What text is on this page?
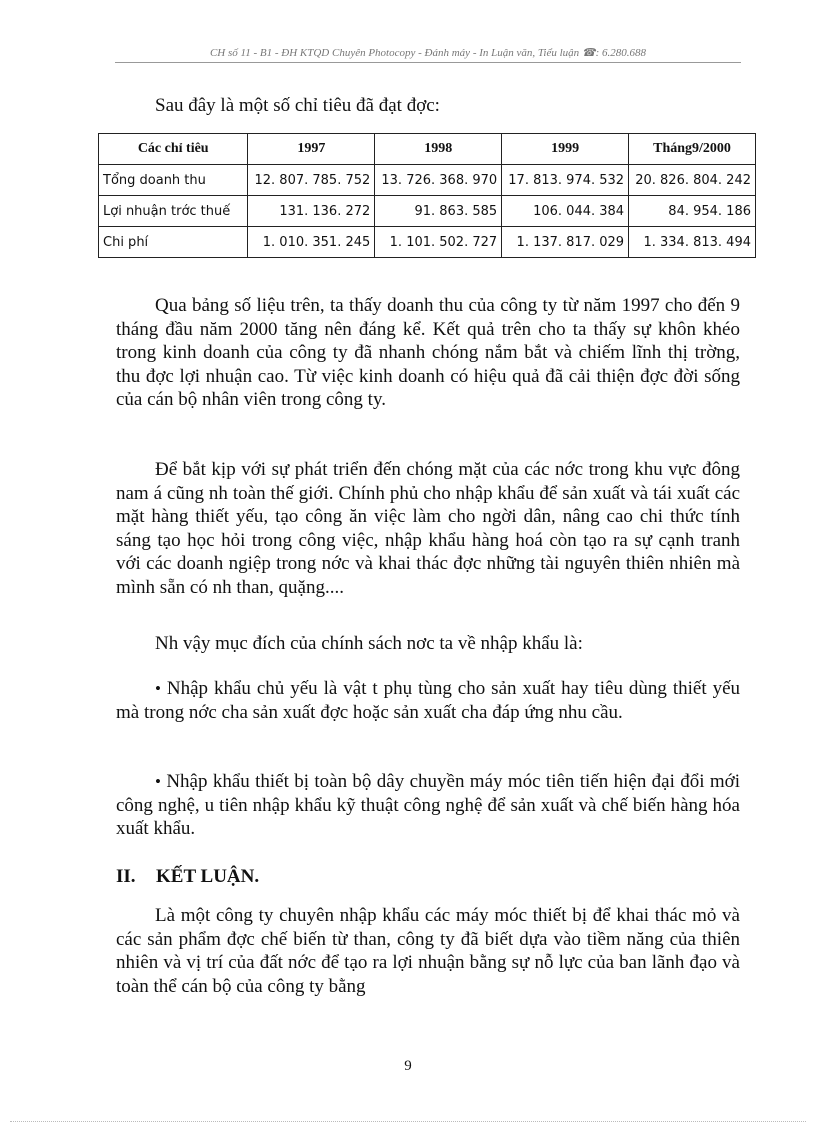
CH số 11 - B1 - ĐH KTQD Chuyên Photocopy - Đánh máy - In Luận văn, Tiểu luận ☎: 6.280.688
Sau đây là một số chỉ tiêu đã đạt đợc:
Các chỉ tiêu	1997	1998	1999	Tháng9/2000
Tổng doanh thu	12. 807. 785. 752	13. 726. 368. 970	17. 813. 974. 532	20. 826. 804. 242
Lợi nhuận trớc thuế	131. 136. 272	91. 863. 585	106. 044. 384	84. 954. 186
Chi phí	1. 010. 351. 245	1. 101. 502. 727	1. 137. 817. 029	1. 334. 813. 494

Qua bảng số liệu trên, ta thấy doanh thu của công ty từ năm 1997 cho đến 9 tháng đầu năm 2000 tăng nên đáng kể. Kết quả trên cho ta thấy sự khôn khéo trong kinh doanh của công ty đã nhanh chóng nắm bắt và chiếm lĩnh thị trờng, thu đợc lợi nhuận cao. Từ việc kinh doanh có hiệu quả đã cải thiện đợc đời sống của cán bộ nhân viên trong công ty.

Để bắt kịp với sự phát triển đến chóng mặt của các nớc trong khu vực đông nam á cũng nh toàn thế giới. Chính phủ cho nhập khẩu để sản xuất và tái xuất các mặt hàng thiết yếu, tạo công ăn việc làm cho ngời dân, nâng cao chi thức tính sáng tạo học hỏi trong công việc, nhập khẩu hàng hoá còn tạo ra sự cạnh tranh với các doanh ngiệp trong nớc và khai thác đợc những tài nguyên thiên nhiên mà mình sẵn có nh than, quặng....

Nh vậy mục đích của chính sách nơc ta về nhập khẩu là:

• Nhập khẩu chủ yếu là vật t phụ tùng cho sản xuất hay tiêu dùng thiết yếu mà trong nớc cha sản xuất đợc hoặc sản xuất cha đáp ứng nhu cầu.

• Nhập khẩu thiết bị toàn bộ dây chuyền máy móc tiên tiến hiện đại đổi mới công nghệ, u tiên nhập khẩu kỹ thuật công nghệ để sản xuất và chế biến hàng hóa xuất khẩu.

II. KẾT LUẬN.

Là một công ty chuyên nhập khẩu các máy móc thiết bị để khai thác mỏ và các sản phẩm đợc chế biến từ than, công ty đã biết dựa vào tiềm năng của thiên nhiên và vị trí của đất nớc để tạo ra lợi nhuận bằng sự nỗ lực của ban lãnh đạo và toàn thể cán bộ của công ty bằng

9
